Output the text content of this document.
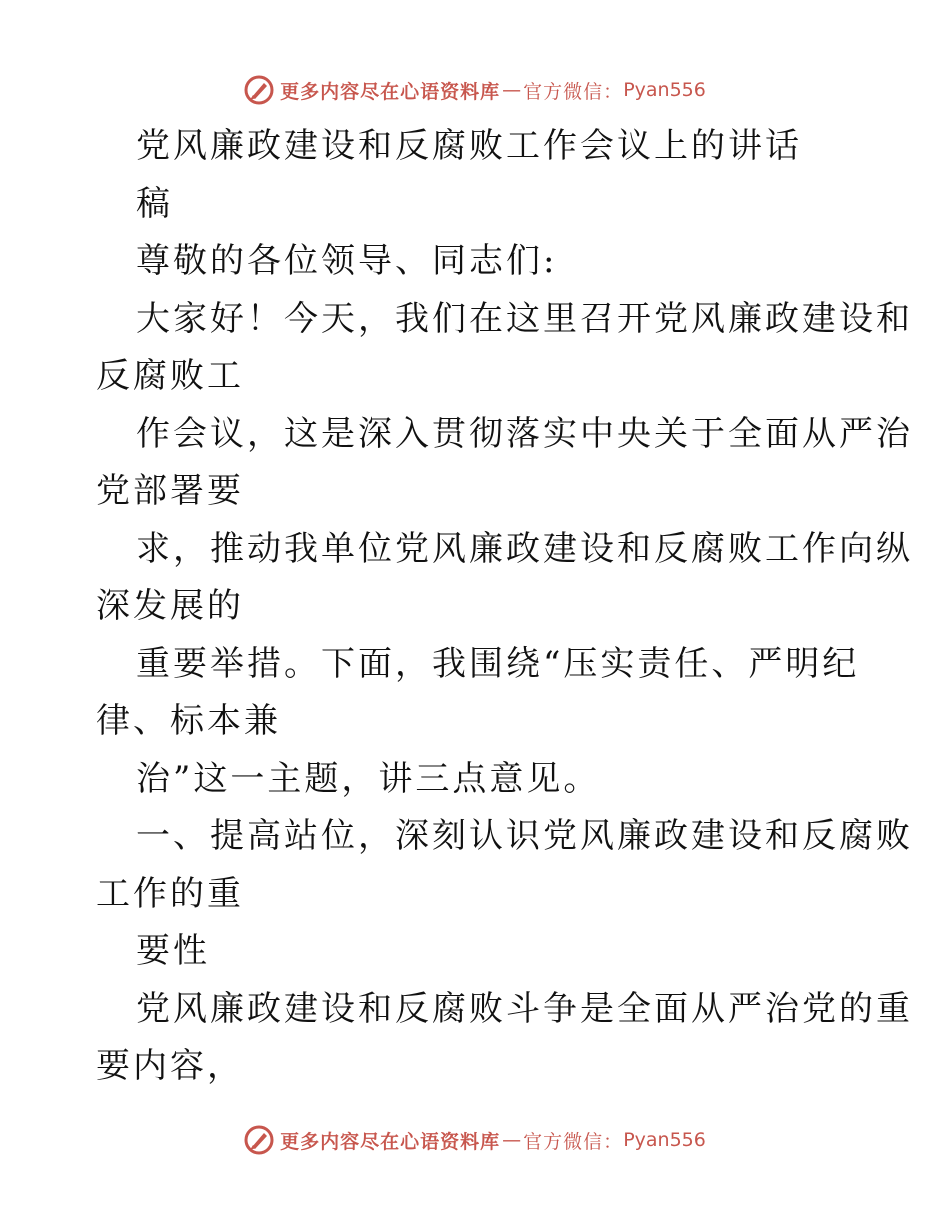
更多内容尽在心语资料库 — 官方微信： Pyan556
党风廉政建设和反腐败工作会议上的讲话
稿
尊敬的各位领导、同志们:
大家好！今天，我们在这里召开党风廉政建设和
反腐败工
作会议，这是深入贯彻落实中央关于全面从严治
党部署要
求，推动我单位党风廉政建设和反腐败工作向纵
深发展的
重要举措。下面，我围绕“压实责任、严明纪
律、标本兼
治”这一主题，讲三点意见。
一、提高站位，深刻认识党风廉政建设和反腐败
工作的重
要性
党风廉政建设和反腐败斗争是全面从严治党的重
要内容，
更多内容尽在心语资料库 — 官方微信： Pyan556
